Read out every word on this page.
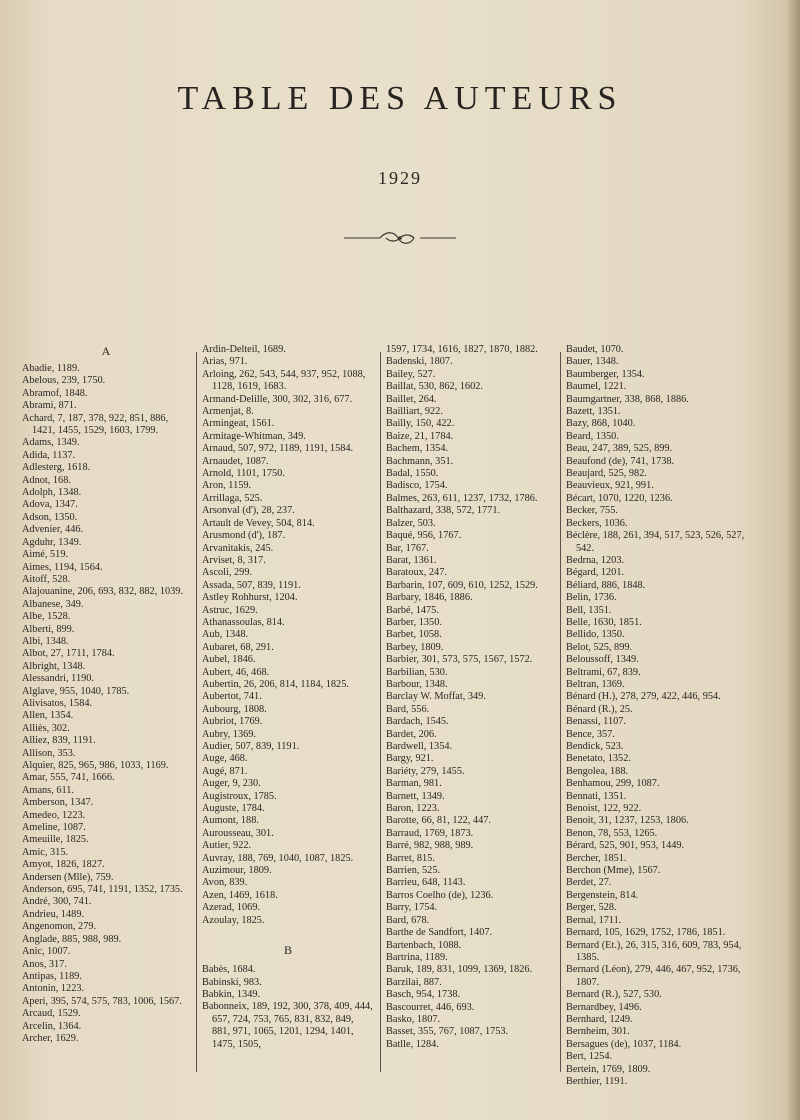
TABLE DES AUTEURS
1929
A
Abadie, 1189.
Abelous, 239, 1750.
Abramof, 1848.
Abrami, 871.
Achard, 7, 187, 378, 922, 851, 886, 1421, 1455, 1529, 1603, 1799.
Adams, 1349.
Adida, 1137.
Adlesterg, 1618.
Adnot, 168.
Adolph, 1348.
Adova, 1347.
Adson, 1350.
Advenier, 446.
Agduhr, 1349.
Aimé, 519.
Aimes, 1194, 1564.
Aitoff, 528.
Alajouanine, 206, 693, 832, 882, 1039.
Albanese, 349.
Albe, 1528.
Alberti, 899.
Albi, 1348.
Albot, 27, 1711, 1784.
Albright, 1348.
Alessandri, 1190.
Alglave, 955, 1040, 1785.
Alivisatos, 1584.
Allen, 1354.
Alliès, 302.
Alliez, 839, 1191.
Allison, 353.
Alquier, 825, 965, 986, 1033, 1169.
Amar, 555, 741, 1666.
Amans, 611.
Amberson, 1347.
Amedeo, 1223.
Ameline, 1087.
Ameuille, 1825.
Amic, 315.
Amyot, 1826, 1827.
Andersen (Mlle), 759.
Anderson, 695, 741, 1191, 1352, 1735.
André, 300, 741.
Andrieu, 1489.
Angenomon, 279.
Anglade, 885, 988, 989.
Anic, 1007.
Anos, 317.
Antipas, 1189.
Antonin, 1223.
Aperi, 395, 574, 575, 783, 1006, 1567.
Arcaud, 1529.
Arcelin, 1364.
Archer, 1629.
Ardin-Delteil, 1689.
Arias, 971.
Arloing, 262, 543, 544, 937, 952, 1088, 1128, 1619, 1683.
Armand-Delille, 300, 302, 316, 677.
Armenjat, 8.
Armingeat, 1561.
Armitage-Whitman, 349.
Arnaud, 507, 972, 1189, 1191, 1584.
Arnaudet, 1087.
Arnold, 1101, 1750.
Aron, 1159.
Arrillaga, 525.
Arsonval (d'), 28, 237.
Artault de Vevey, 504, 814.
Arusmond (d'), 187.
Arvanitakis, 245.
Arviset, 8, 317.
Ascoli, 299.
Assada, 507, 839, 1191.
Astley Rohhurst, 1204.
Astruc, 1629.
Athanassoulas, 814.
Aub, 1348.
Aubaret, 68, 291.
Aubel, 1846.
Aubert, 46, 468.
Aubertin, 26, 206, 814, 1184, 1825.
Aubertot, 741.
Aubourg, 1808.
Aubriot, 1769.
Aubry, 1369.
Audier, 507, 839, 1191.
Auge, 468.
Augé, 871.
Auger, 9, 230.
Augistroux, 1785.
Auguste, 1784.
Aumont, 188.
Aurousseau, 301.
Autier, 922.
Auvray, 188, 769, 1040, 1087, 1825.
Auzimour, 1809.
Avon, 839.
Azen, 1469, 1618.
Azerad, 1069.
Azoulay, 1825.
B
Babès, 1684.
Babinski, 983.
Babkin, 1349.
Babonneix, 189, 192, 300, 378, 409, 444, 657, 724, 753, 765, 831, 832, 849, 881, 971, 1065, 1201, 1294, 1401, 1475, 1505,
1597, 1734, 1616, 1827, 1870, 1882.
Badenski, 1807.
Bailey, 527.
Baillat, 530, 862, 1602.
Baillet, 264.
Bailliart, 922.
Bailly, 150, 422.
Baize, 21, 1784.
Bachem, 1354.
Bachmann, 351.
Badal, 1550.
Badisco, 1754.
Balmes, 263, 611, 1237, 1732, 1786.
Balthazard, 338, 572, 1771.
Balzer, 503.
Baqué, 956, 1767.
Bar, 1767.
Barat, 1361.
Baratoux, 247.
Barbarin, 107, 609, 610, 1252, 1529.
Barbary, 1846, 1886.
Barbé, 1475.
Barber, 1350.
Barbet, 1058.
Barbey, 1809.
Barbier, 301, 573, 575, 1567, 1572.
Barbilian, 530.
Barbour, 1348.
Barclay W. Moffat, 349.
Bard, 556.
Bardach, 1545.
Bardet, 206.
Bardwell, 1354.
Bargy, 921.
Bariéty, 279, 1455.
Barman, 981.
Barnett, 1349.
Baron, 1223.
Barotte, 66, 81, 122, 447.
Barraud, 1769, 1873.
Barré, 982, 988, 989.
Barret, 815.
Barrien, 525.
Barrieu, 648, 1143.
Barros Coelho (de), 1236.
Barry, 1754.
Bard, 678.
Barthe de Sandfort, 1407.
Bartenbach, 1088.
Bartrina, 1189.
Baruk, 189, 831, 1099, 1369, 1826.
Barzilai, 887.
Basch, 954, 1738.
Bascourret, 446, 693.
Basko, 1807.
Basset, 355, 767, 1087, 1753.
Batlle, 1284.
Baudet, 1070.
Bauer, 1348.
Baumberger, 1354.
Baumel, 1221.
Baumgartner, 338, 868, 1886.
Bazett, 1351.
Bazy, 868, 1040.
Beard, 1350.
Beau, 247, 389, 525, 899.
Beaufond (de), 741, 1738.
Beaujard, 525, 982.
Beauvieux, 921, 991.
Bécart, 1070, 1220, 1236.
Becker, 755.
Beckers, 1036.
Béclère, 188, 261, 394, 517, 523, 526, 527, 542.
Bedrna, 1203.
Bégard, 1201.
Béliard, 886, 1848.
Belin, 1736.
Bell, 1351.
Belle, 1630, 1851.
Bellido, 1350.
Belot, 525, 899.
Beloussoff, 1349.
Beltrami, 67, 839.
Beltran, 1369.
Bénard (H.), 278, 279, 422, 446, 954.
Bénard (R.), 25.
Benassi, 1107.
Bence, 357.
Bendick, 523.
Benetato, 1352.
Bengolea, 188.
Benhamou, 299, 1087.
Bennati, 1351.
Benoist, 122, 922.
Benoit, 31, 1237, 1253, 1806.
Benon, 78, 553, 1265.
Bérard, 525, 901, 953, 1449.
Bercher, 1851.
Berchon (Mme), 1567.
Berdet, 27.
Bergenstein, 814.
Berger, 528.
Bernal, 1711.
Bernard, 105, 1629, 1752, 1786, 1851.
Bernard (Et.), 26, 315, 316, 609, 783, 954, 1385.
Bernard (Léon), 279, 446, 467, 952, 1736, 1807.
Bernard (R.), 527, 530.
Bernardbey, 1496.
Bernhard, 1249.
Bernheim, 301.
Bersagues (de), 1037, 1184.
Bert, 1254.
Bertein, 1769, 1809.
Berthier, 1191.
